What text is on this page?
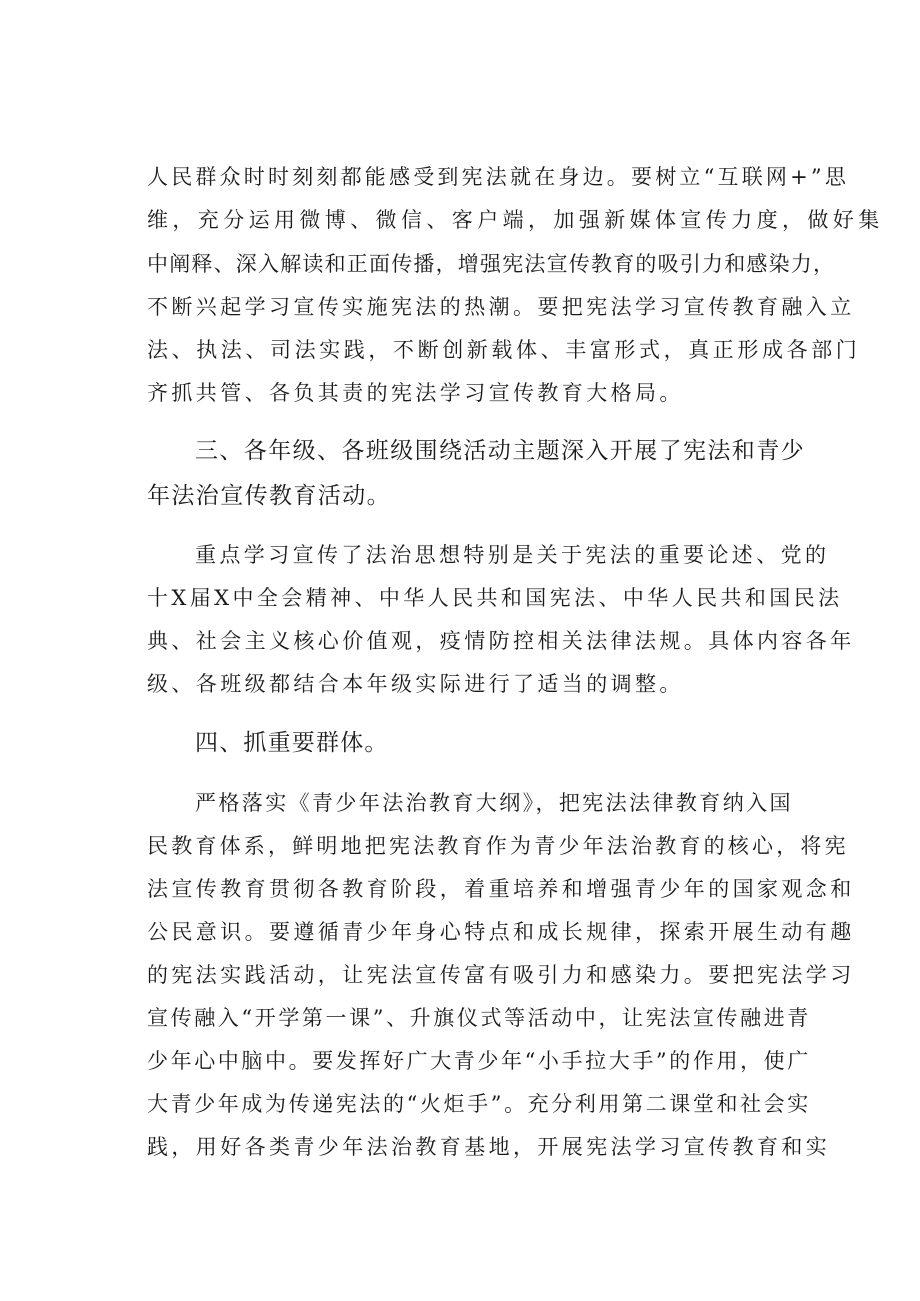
人民群众时时刻刻都能感受到宪法就在身边。要树立“互联网+”思
维，充分运用微博、微信、客户端，加强新媒体宣传力度，做好集
中阐释、深入解读和正面传播，增强宪法宣传教育的吸引力和感染力，
不断兴起学习宣传实施宪法的热潮。要把宪法学习宣传教育融入立
法、执法、司法实践，不断创新载体、丰富形式，真正形成各部门
齐抓共管、各负其责的宪法学习宣传教育大格局。
三、各年级、各班级围绕活动主题深入开展了宪法和青少
年法治宣传教育活动。
重点学习宣传了法治思想特别是关于宪法的重要论述、党的
十X届X中全会精神、中华人民共和国宪法、中华人民共和国民法
典、社会主义核心价值观，疫情防控相关法律法规。具体内容各年
级、各班级都结合本年级实际进行了适当的调整。
四、抓重要群体。
严格落实《青少年法治教育大纲》，把宪法法律教育纳入国
民教育体系，鲜明地把宪法教育作为青少年法治教育的核心，将宪
法宣传教育贯彻各教育阶段，着重培养和增强青少年的国家观念和
公民意识。要遵循青少年身心特点和成长规律，探索开展生动有趣
的宪法实践活动，让宪法宣传富有吸引力和感染力。要把宪法学习
宣传融入“开学第一课”、升旗仪式等活动中，让宪法宣传融进青
少年心中脑中。要发挥好广大青少年“小手拉大手”的作用，使广
大青少年成为传递宪法的“火炬手”。充分利用第二课堂和社会实
践，用好各类青少年法治教育基地，开展宪法学习宣传教育和实
